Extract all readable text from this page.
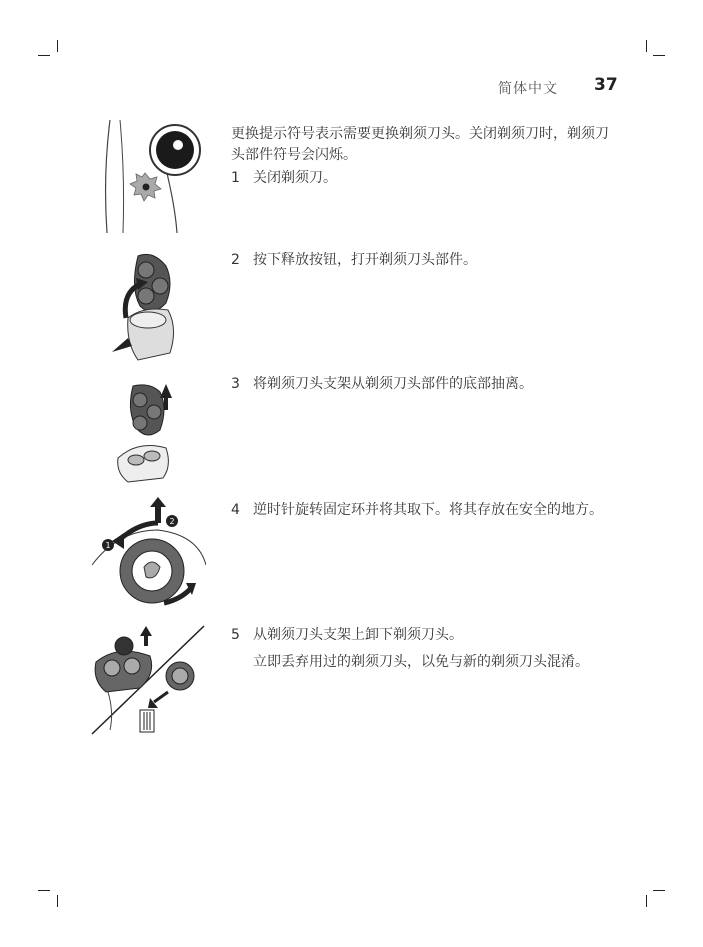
简体中文 37
更换提示符号表示需要更换剃须刀头。关闭剃须刀时，剃须刀头部件符号会闪烁。
1 关闭剃须刀。
2 按下释放按钮，打开剃须刀头部件。
3 将剃须刀头支架从剃须刀头部件的底部抽离。
4 逆时针旋转固定环并将其取下。将其存放在安全的地方。
5 从剃须刀头支架上卸下剃须刀头。
立即丢弃用过的剃须刀头，以免与新的剃须刀头混淆。
1
2
